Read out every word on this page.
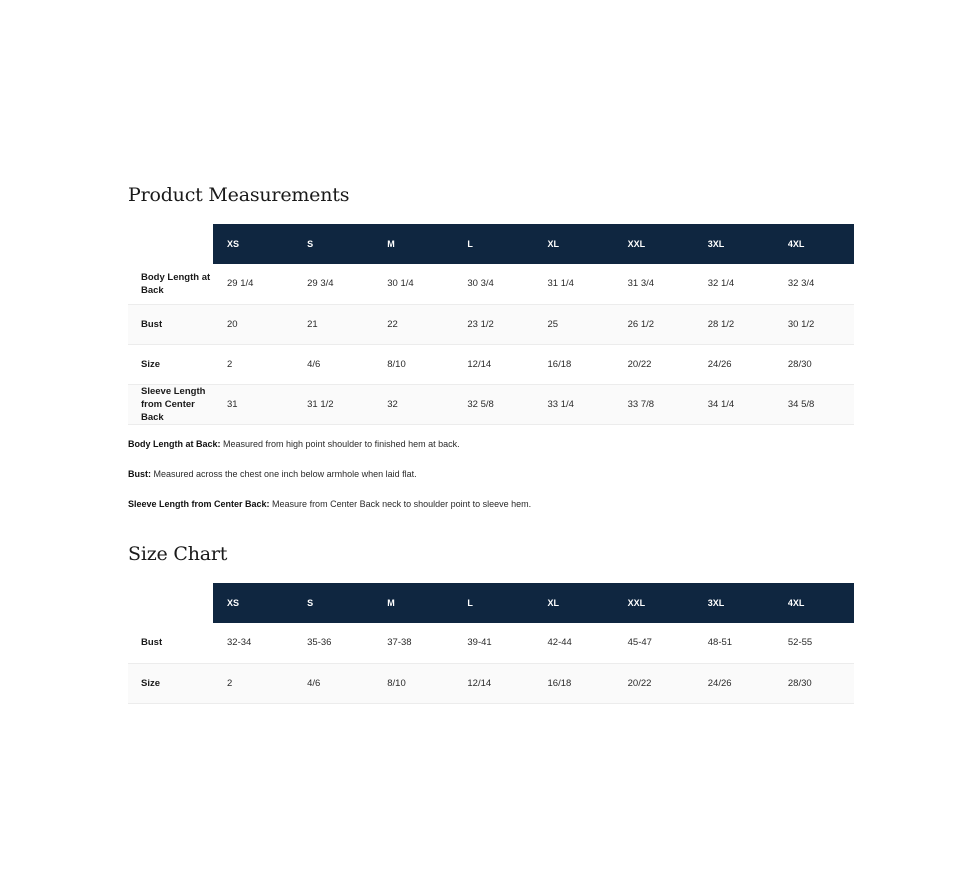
Product Measurements
	XS	S	M	L	XL	XXL	3XL	4XL
Body Length at Back	29 1/4	29 3/4	30 1/4	30 3/4	31 1/4	31 3/4	32 1/4	32 3/4
Bust	20	21	22	23 1/2	25	26 1/2	28 1/2	30 1/2
Size	2	4/6	8/10	12/14	16/18	20/22	24/26	28/30
Sleeve Length from Center Back	31	31 1/2	32	32 5/8	33 1/4	33 7/8	34 1/4	34 5/8

Body Length at Back: Measured from high point shoulder to finished hem at back.

Bust: Measured across the chest one inch below armhole when laid flat.

Sleeve Length from Center Back: Measure from Center Back neck to shoulder point to sleeve hem.

Size Chart
	XS	S	M	L	XL	XXL	3XL	4XL
Bust	32-34	35-36	37-38	39-41	42-44	45-47	48-51	52-55
Size	2	4/6	8/10	12/14	16/18	20/22	24/26	28/30
